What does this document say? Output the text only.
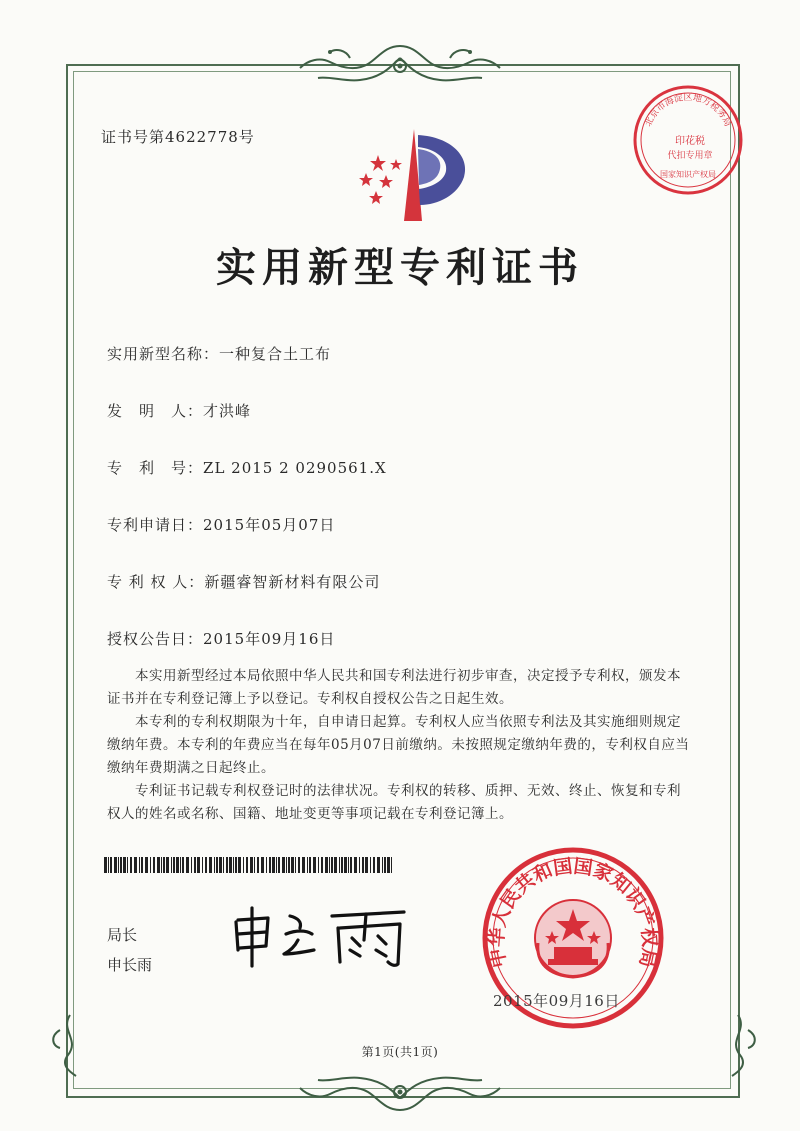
证书号第4622778号
北京市海淀区地方税务局
印花税
代扣专用章
国家知识产权局
实用新型专利证书
实用新型名称：一种复合土工布
发　明　人：才洪峰
专　利　号：ZL 2015 2 0290561.X
专利申请日：2015年05月07日
专 利 权 人：新疆睿智新材料有限公司
授权公告日：2015年09月16日

本实用新型经过本局依照中华人民共和国专利法进行初步审查，决定授予专利权，颁发本证书并在专利登记簿上予以登记。专利权自授权公告之日起生效。

本专利的专利权期限为十年，自申请日起算。专利权人应当依照专利法及其实施细则规定缴纳年费。本专利的年费应当在每年05月07日前缴纳。未按照规定缴纳年费的，专利权自应当缴纳年费期满之日起终止。

专利证书记载专利权登记时的法律状况。专利权的转移、质押、无效、终止、恢复和专利权人的姓名或名称、国籍、地址变更等事项记载在专利登记簿上。

局长
申长雨	中华人民共和国国家知识产权局
2015年09月16日
第1页(共1页)
